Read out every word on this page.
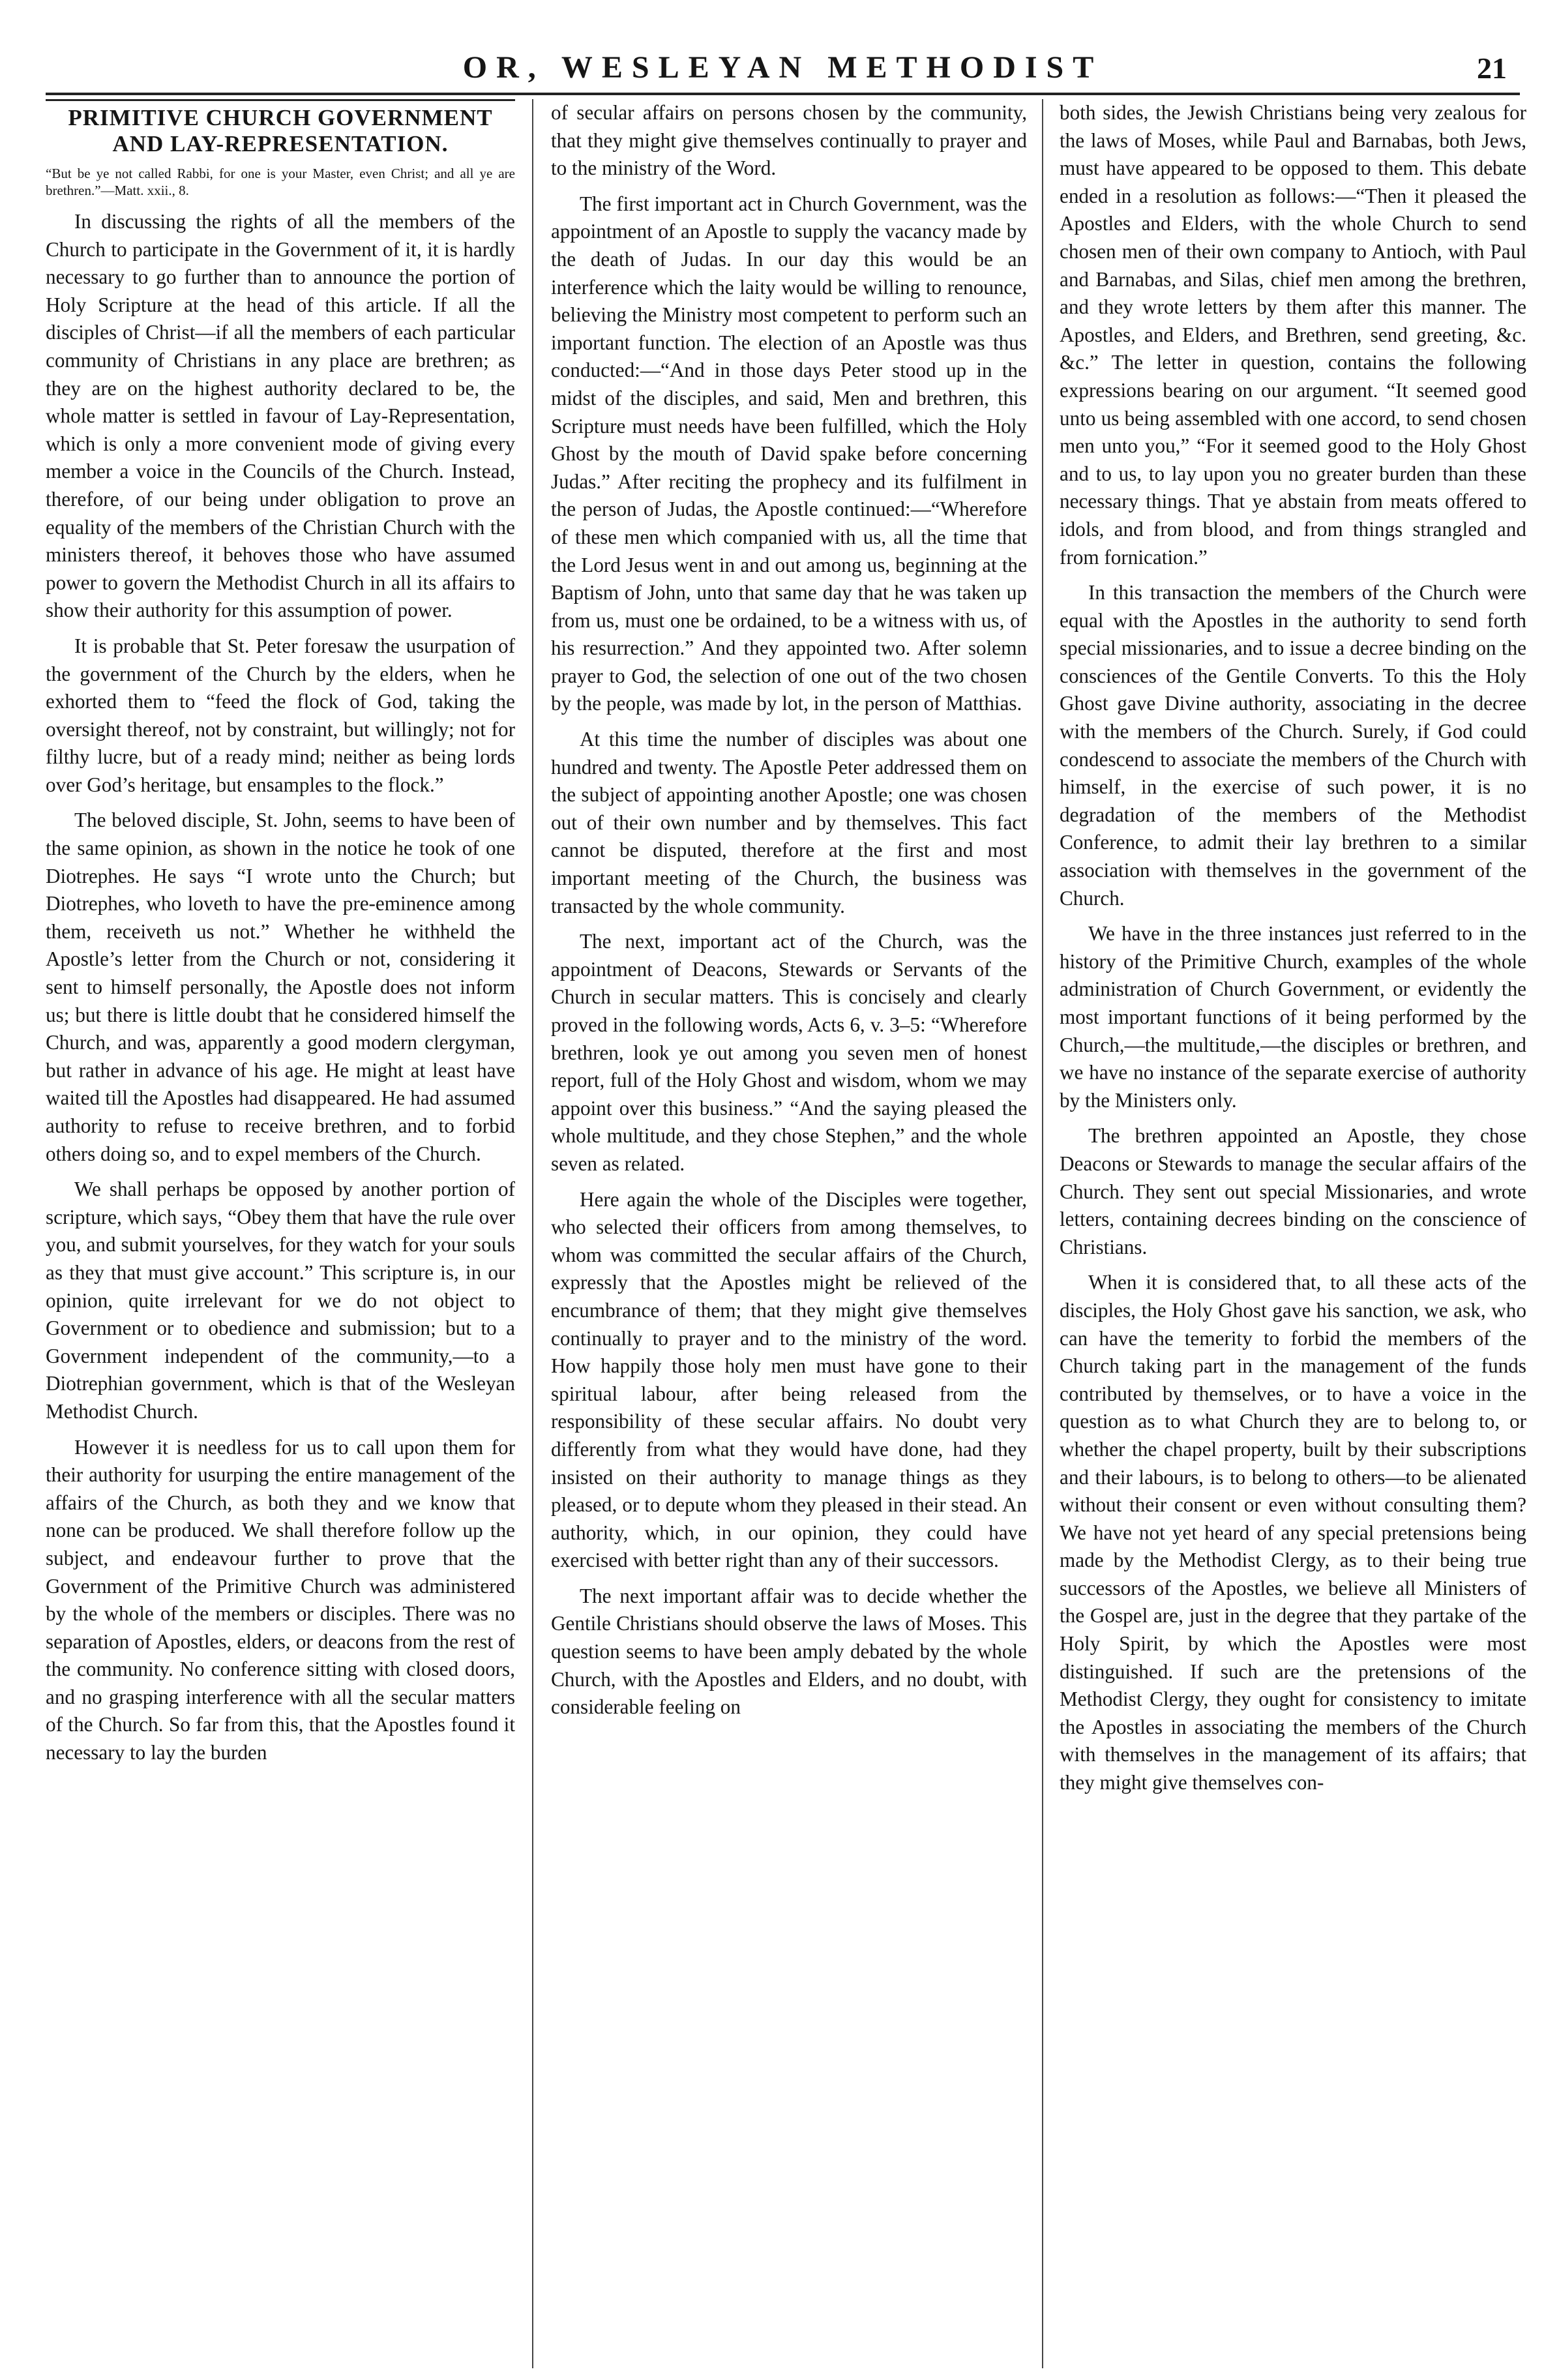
OR, WESLEYAN METHODIST	21
PRIMITIVE CHURCH GOVERNMENT AND LAY-REPRESENTATION.
“But be ye not called Rabbi, for one is your Master, even Christ; and all ye are brethren.”—Matt. xxii., 8.

In discussing the rights of all the members of the Church to participate in the Government of it, it is hardly necessary to go further than to announce the portion of Holy Scripture at the head of this article. If all the disciples of Christ—if all the members of each particular community of Christians in any place are brethren; as they are on the highest authority declared to be, the whole matter is settled in favour of Lay-Representation, which is only a more convenient mode of giving every member a voice in the Councils of the Church. Instead, therefore, of our being under obligation to prove an equality of the members of the Christian Church with the ministers thereof, it behoves those who have assumed power to govern the Methodist Church in all its affairs to show their authority for this assumption of power.

It is probable that St. Peter foresaw the usurpation of the government of the Church by the elders, when he exhorted them to “feed the flock of God, taking the oversight thereof, not by constraint, but willingly; not for filthy lucre, but of a ready mind; neither as being lords over God’s heritage, but ensamples to the flock.”

The beloved disciple, St. John, seems to have been of the same opinion, as shown in the notice he took of one Diotrephes. He says “I wrote unto the Church; but Diotrephes, who loveth to have the pre-eminence among them, receiveth us not.” Whether he withheld the Apostle’s letter from the Church or not, considering it sent to himself personally, the Apostle does not inform us; but there is little doubt that he considered himself the Church, and was, apparently a good modern clergyman, but rather in advance of his age. He might at least have waited till the Apostles had disappeared. He had assumed authority to refuse to receive brethren, and to forbid others doing so, and to expel members of the Church.

We shall perhaps be opposed by another portion of scripture, which says, “Obey them that have the rule over you, and submit yourselves, for they watch for your souls as they that must give account.” This scripture is, in our opinion, quite irrelevant for we do not object to Government or to obedience and submission; but to a Government independent of the community,—to a Diotrephian government, which is that of the Wesleyan Methodist Church.

However it is needless for us to call upon them for their authority for usurping the entire management of the affairs of the Church, as both they and we know that none can be produced. We shall therefore follow up the subject, and endeavour further to prove that the Government of the Primitive Church was administered by the whole of the members or disciples. There was no separation of Apostles, elders, or deacons from the rest of the community. No conference sitting with closed doors, and no grasping interference with all the secular matters of the Church. So far from this, that the Apostles found it necessary to lay the burden

of secular affairs on persons chosen by the community, that they might give themselves continually to prayer and to the ministry of the Word.

The first important act in Church Government, was the appointment of an Apostle to supply the vacancy made by the death of Judas. In our day this would be an interference which the laity would be willing to renounce, believing the Ministry most competent to perform such an important function. The election of an Apostle was thus conducted:—“And in those days Peter stood up in the midst of the disciples, and said, Men and brethren, this Scripture must needs have been fulfilled, which the Holy Ghost by the mouth of David spake before concerning Judas.” After reciting the prophecy and its fulfilment in the person of Judas, the Apostle continued:—“Wherefore of these men which companied with us, all the time that the Lord Jesus went in and out among us, beginning at the Baptism of John, unto that same day that he was taken up from us, must one be ordained, to be a witness with us, of his resurrection.” And they appointed two. After solemn prayer to God, the selection of one out of the two chosen by the people, was made by lot, in the person of Matthias.

At this time the number of disciples was about one hundred and twenty. The Apostle Peter addressed them on the subject of appointing another Apostle; one was chosen out of their own number and by themselves. This fact cannot be disputed, therefore at the first and most important meeting of the Church, the business was transacted by the whole community.

The next, important act of the Church, was the appointment of Deacons, Stewards or Servants of the Church in secular matters. This is concisely and clearly proved in the following words, Acts 6, v. 3–5: “Wherefore brethren, look ye out among you seven men of honest report, full of the Holy Ghost and wisdom, whom we may appoint over this business.” “And the saying pleased the whole multitude, and they chose Stephen,” and the whole seven as related.

Here again the whole of the Disciples were together, who selected their officers from among themselves, to whom was committed the secular affairs of the Church, expressly that the Apostles might be relieved of the encumbrance of them; that they might give themselves continually to prayer and to the ministry of the word. How happily those holy men must have gone to their spiritual labour, after being released from the responsibility of these secular affairs. No doubt very differently from what they would have done, had they insisted on their authority to manage things as they pleased, or to depute whom they pleased in their stead. An authority, which, in our opinion, they could have exercised with better right than any of their successors.

The next important affair was to decide whether the Gentile Christians should observe the laws of Moses. This question seems to have been amply debated by the whole Church, with the Apostles and Elders, and no doubt, with considerable feeling on

both sides, the Jewish Christians being very zealous for the laws of Moses, while Paul and Barnabas, both Jews, must have appeared to be opposed to them. This debate ended in a resolution as follows:—“Then it pleased the Apostles and Elders, with the whole Church to send chosen men of their own company to Antioch, with Paul and Barnabas, and Silas, chief men among the brethren, and they wrote letters by them after this manner. The Apostles, and Elders, and Brethren, send greeting, &c. &c.” The letter in question, contains the following expressions bearing on our argument. “It seemed good unto us being assembled with one accord, to send chosen men unto you,” “For it seemed good to the Holy Ghost and to us, to lay upon you no greater burden than these necessary things. That ye abstain from meats offered to idols, and from blood, and from things strangled and from fornication.”

In this transaction the members of the Church were equal with the Apostles in the authority to send forth special missionaries, and to issue a decree binding on the consciences of the Gentile Converts. To this the Holy Ghost gave Divine authority, associating in the decree with the members of the Church. Surely, if God could condescend to associate the members of the Church with himself, in the exercise of such power, it is no degradation of the members of the Methodist Conference, to admit their lay brethren to a similar association with themselves in the government of the Church.

We have in the three instances just referred to in the history of the Primitive Church, examples of the whole administration of Church Government, or evidently the most important functions of it being performed by the Church,—the multitude,—the disciples or brethren, and we have no instance of the separate exercise of authority by the Ministers only.

The brethren appointed an Apostle, they chose Deacons or Stewards to manage the secular affairs of the Church. They sent out special Missionaries, and wrote letters, containing decrees binding on the conscience of Christians.

When it is considered that, to all these acts of the disciples, the Holy Ghost gave his sanction, we ask, who can have the temerity to forbid the members of the Church taking part in the management of the funds contributed by themselves, or to have a voice in the question as to what Church they are to belong to, or whether the chapel property, built by their subscriptions and their labours, is to belong to others—to be alienated without their consent or even without consulting them? We have not yet heard of any special pretensions being made by the Methodist Clergy, as to their being true successors of the Apostles, we believe all Ministers of the Gospel are, just in the degree that they partake of the Holy Spirit, by which the Apostles were most distinguished. If such are the pretensions of the Methodist Clergy, they ought for consistency to imitate the Apostles in associating the members of the Church with themselves in the management of its affairs; that they might give themselves con-
